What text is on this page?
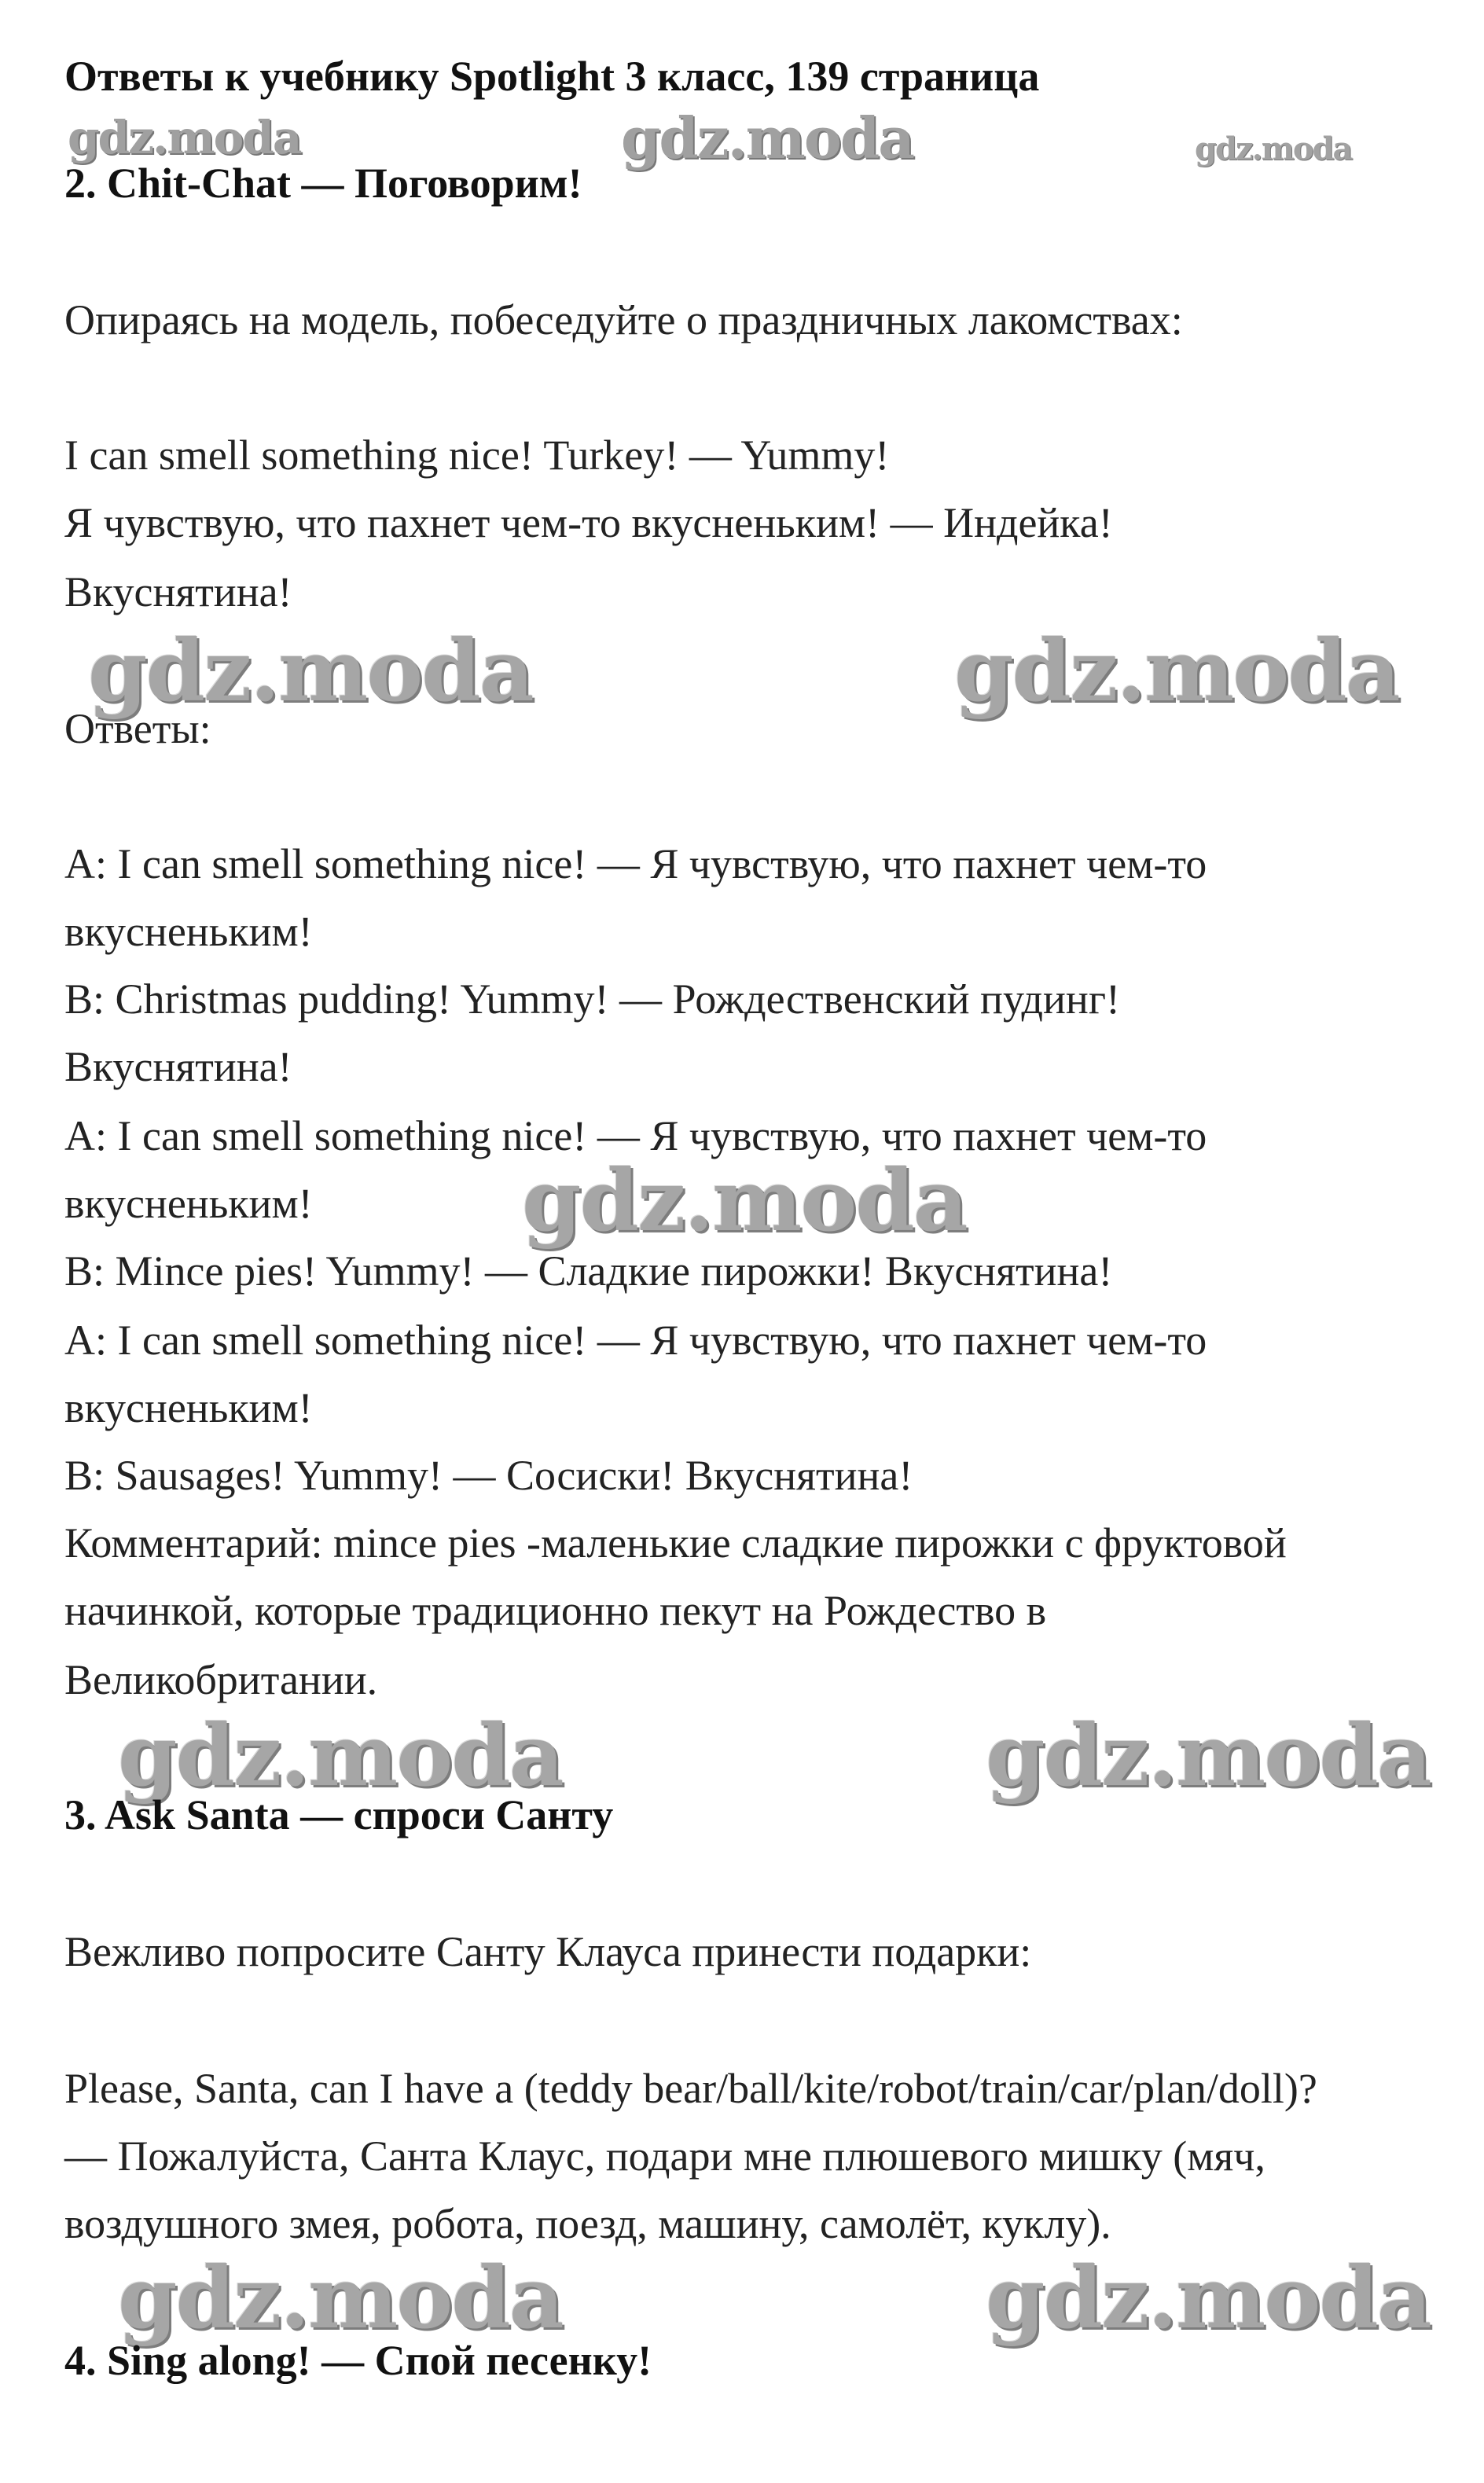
Ответы к учебнику Spotlight 3 класс, 139 страница
gdz.moda	gdz.moda	gdz.moda
2. Chit-Chat — Поговорим!
Опираясь на модель, побеседуйте о праздничных лакомствах:
I can smell something nice! Turkey! — Yummy!
Я чувствую, что пахнет чем-то вкусненьким! — Индейка!
Вкуснятина!
gdz.moda	gdz.moda
Ответы:
A: I can smell something nice! — Я чувствую, что пахнет чем-то
вкусненьким!
B: Christmas pudding! Yummy! — Рождественский пудинг!
Вкуснятина!
A: I can smell something nice! — Я чувствую, что пахнет чем-то
вкусненьким! gdz.moda
B: Mince pies! Yummy! — Сладкие пирожки! Вкуснятина!
A: I can smell something nice! — Я чувствую, что пахнет чем-то
вкусненьким!
B: Sausages! Yummy! — Сосиски! Вкуснятина!
Комментарий: mince pies -маленькие сладкие пирожки с фруктовой
начинкой, которые традиционно пекут на Рождество в
Великобритании.
gdz.moda	gdz.moda
3. Ask Santa — спроси Санту
Вежливо попросите Санту Клауса принести подарки:
Please, Santa, can I have a (teddy bear/ball/kite/robot/train/car/plan/doll)?
— Пожалуйста, Санта Клаус, подари мне плюшевого мишку (мяч,
воздушного змея, робота, поезд, машину, самолёт, куклу).
gdz.moda	gdz.moda
4. Sing along! — Спой песенку!
